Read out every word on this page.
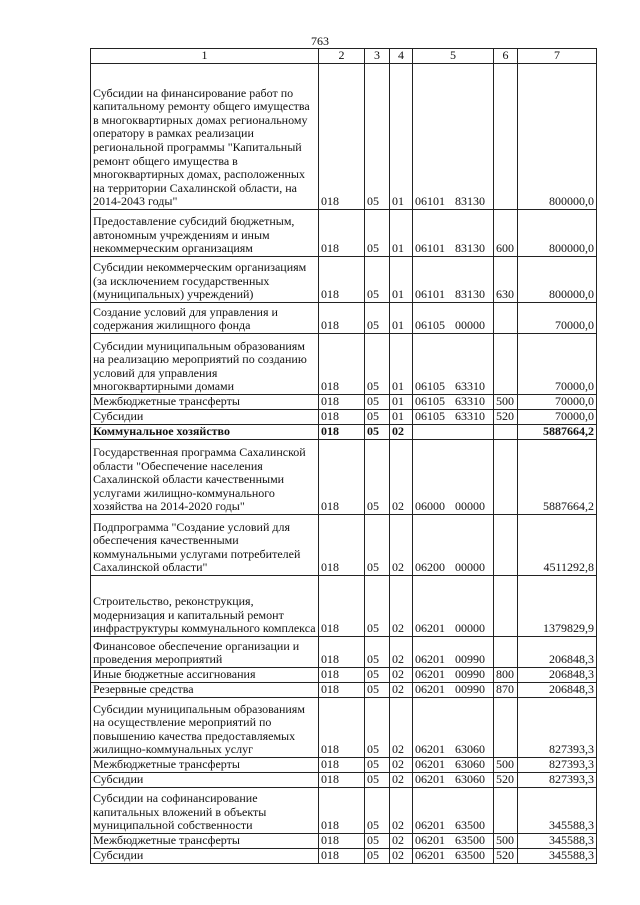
763
1	2	3	4	5	6	7
Субсидии на финансирование работ по капитальному ремонту общего имущества в многоквартирных домах региональному оператору в рамках реализации региональной программы "Капитальный ремонт общего имущества в многоквартирных домах, расположенных на территории Сахалинской области, на 2014-2043 годы"	018	05	01	06101 83130		800000,0
Предоставление субсидий бюджетным, автономным учреждениям и иным некоммерческим организациям	018	05	01	06101 83130	600	800000,0
Субсидии некоммерческим организациям (за исключением государственных (муниципальных) учреждений)	018	05	01	06101 83130	630	800000,0
Создание условий для управления и содержания жилищного фонда	018	05	01	06105 00000		70000,0
Субсидии муниципальным образованиям на реализацию мероприятий по созданию условий для управления многоквартирными домами	018	05	01	06105 63310		70000,0
Межбюджетные трансферты	018	05	01	06105 63310	500	70000,0
Субсидии	018	05	01	06105 63310	520	70000,0
Коммунальное хозяйство	018	05	02			5887664,2
Государственная программа Сахалинской области "Обеспечение населения Сахалинской области качественными услугами жилищно-коммунального хозяйства на 2014-2020 годы"	018	05	02	06000 00000		5887664,2
Подпрограмма "Создание условий для обеспечения качественными коммунальными услугами потребителей Сахалинской области"	018	05	02	06200 00000		4511292,8
Строительство, реконструкция, модернизация и капитальный ремонт инфраструктуры коммунального комплекса	018	05	02	06201 00000		1379829,9
Финансовое обеспечение организации и проведения мероприятий	018	05	02	06201 00990		206848,3
Иные бюджетные ассигнования	018	05	02	06201 00990	800	206848,3
Резервные средства	018	05	02	06201 00990	870	206848,3
Субсидии муниципальным образованиям на осуществление мероприятий по повышению качества предоставляемых жилищно-коммунальных услуг	018	05	02	06201 63060		827393,3
Межбюджетные трансферты	018	05	02	06201 63060	500	827393,3
Субсидии	018	05	02	06201 63060	520	827393,3
Субсидии на софинансирование капитальных вложений в объекты муниципальной собственности	018	05	02	06201 63500		345588,3
Межбюджетные трансферты	018	05	02	06201 63500	500	345588,3
Субсидии	018	05	02	06201 63500	520	345588,3
